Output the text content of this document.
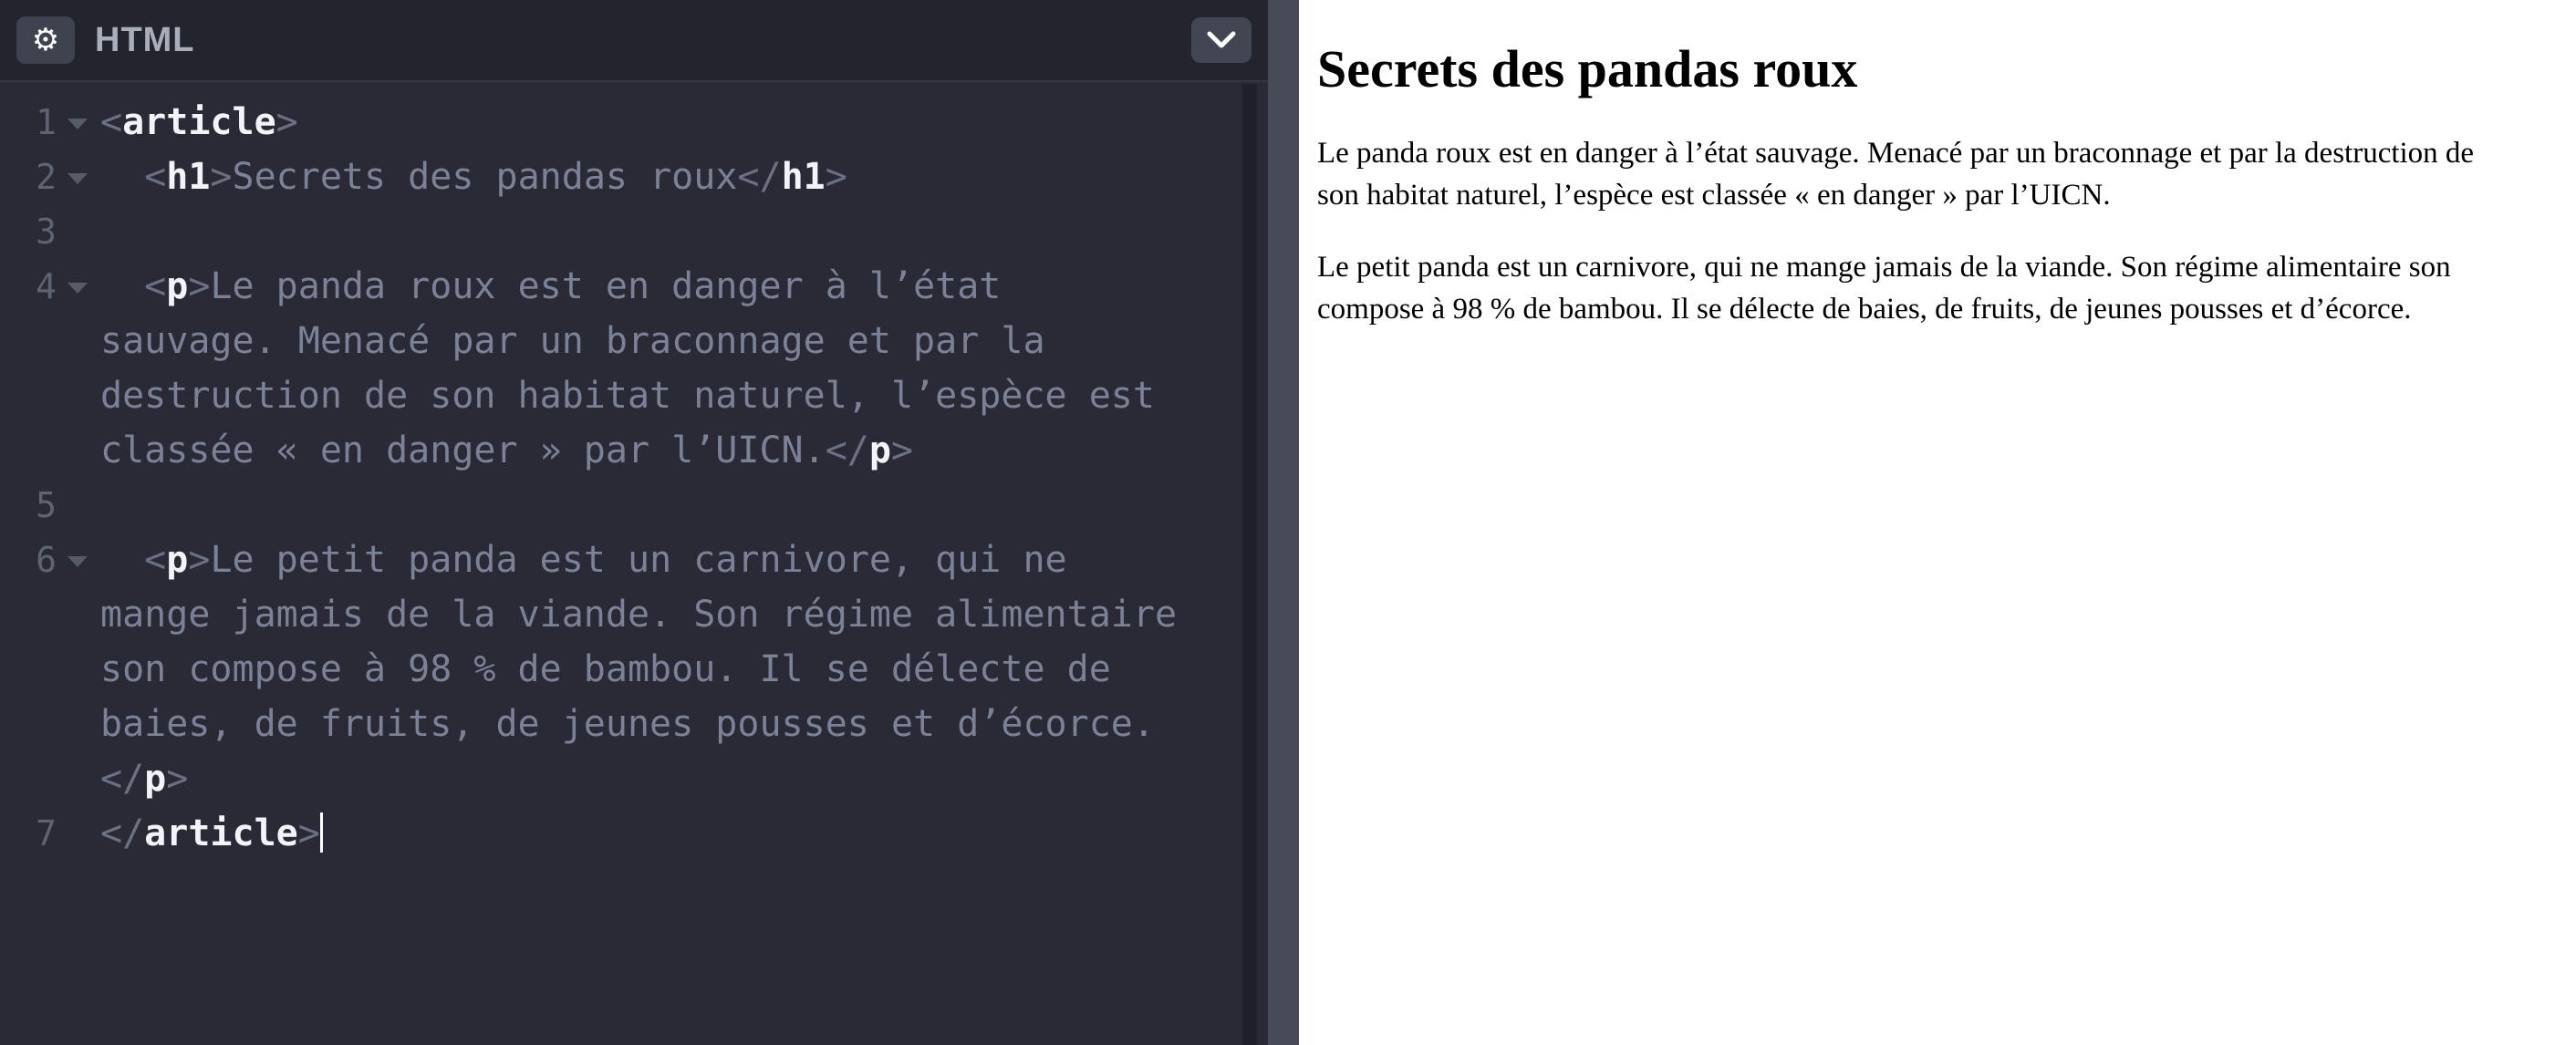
⚙ HTML
1 <article>
2 <h1>Secrets des pandas roux</h1>
3
4 <p>Le panda roux est en danger à l’état
sauvage. Menacé par un braconnage et par la
destruction de son habitat naturel, l’espèce est
classée « en danger » par l’UICN.</p>
5
6 <p>Le petit panda est un carnivore, qui ne
mange jamais de la viande. Son régime alimentaire
son compose à 98 % de bambou. Il se délecte de
baies, de fruits, de jeunes pousses et d’écorce.
</p>
7 </article>
Secrets des pandas roux

Le panda roux est en danger à l’état sauvage. Menacé par un braconnage et par la destruction de son habitat naturel, l’espèce est classée « en danger » par l’UICN.

Le petit panda est un carnivore, qui ne mange jamais de la viande. Son régime alimentaire son compose à 98 % de bambou. Il se délecte de baies, de fruits, de jeunes pousses et d’écorce.
